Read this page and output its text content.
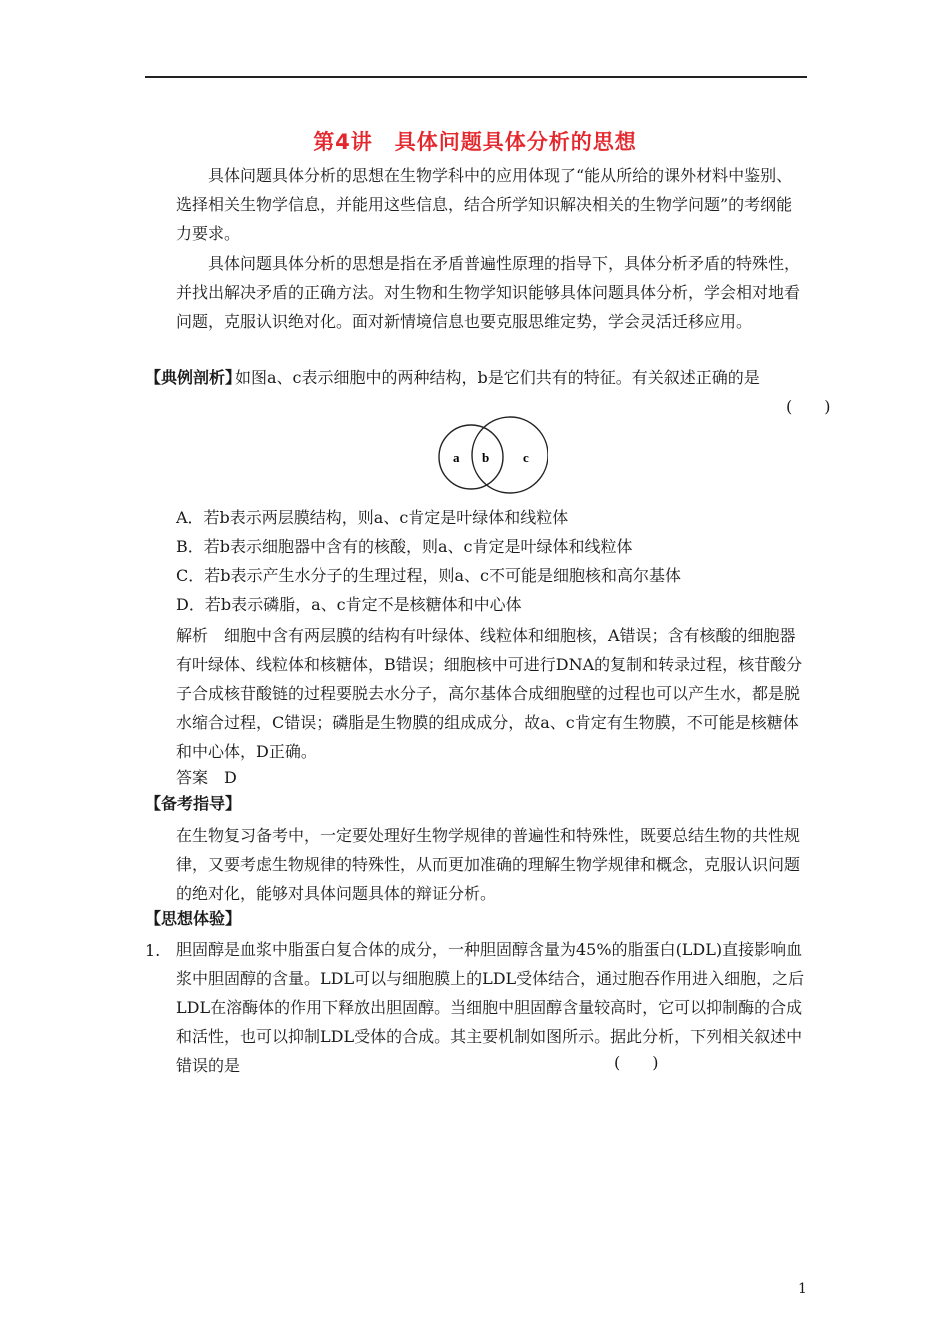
第4讲　具体问题具体分析的思想
具体问题具体分析的思想在生物学科中的应用体现了“能从所给的课外材料中鉴别、选择相关生物学信息，并能用这些信息，结合所学知识解决相关的生物学问题”的考纲能力要求。
具体问题具体分析的思想是指在矛盾普遍性原理的指导下，具体分析矛盾的特殊性，并找出解决矛盾的正确方法。对生物和生物学知识能够具体问题具体分析，学会相对地看问题，克服认识绝对化。面对新情境信息也要克服思维定势，学会灵活迁移应用。
【典例剖析】
如图a、c表示细胞中的两种结构，b是它们共有的特征。有关叙述正确的是
(　　)
a b	c
A．若b表示两层膜结构，则a、c肯定是叶绿体和线粒体
B．若b表示细胞器中含有的核酸，则a、c肯定是叶绿体和线粒体
C．若b表示产生水分子的生理过程，则a、c不可能是细胞核和高尔基体
D．若b表示磷脂，a、c肯定不是核糖体和中心体
解析　细胞中含有两层膜的结构有叶绿体、线粒体和细胞核，A错误；含有核酸的细胞器有叶绿体、线粒体和核糖体，B错误；细胞核中可进行DNA的复制和转录过程，核苷酸分子合成核苷酸链的过程要脱去水分子，高尔基体合成细胞壁的过程也可以产生水，都是脱水缩合过程，C错误；磷脂是生物膜的组成成分，故a、c肯定有生物膜，不可能是核糖体和中心体，D正确。
答案　D
【备考指导】
在生物复习备考中，一定要处理好生物学规律的普遍性和特殊性，既要总结生物的共性规律，又要考虑生物规律的特殊性，从而更加准确的理解生物学规律和概念，克服认识问题的绝对化，能够对具体问题具体的辩证分析。
【思想体验】
1. 胆固醇是血浆中脂蛋白复合体的成分，一种胆固醇含量为45%的脂蛋白(LDL)直接影响血浆中胆固醇的含量。LDL可以与细胞膜上的LDL受体结合，通过胞吞作用进入细胞，之后LDL在溶酶体的作用下释放出胆固醇。当细胞中胆固醇含量较高时，它可以抑制酶的合成和活性，也可以抑制LDL受体的合成。其主要机制如图所示。据此分析，下列相关叙述中错误的是	(　　)
1
